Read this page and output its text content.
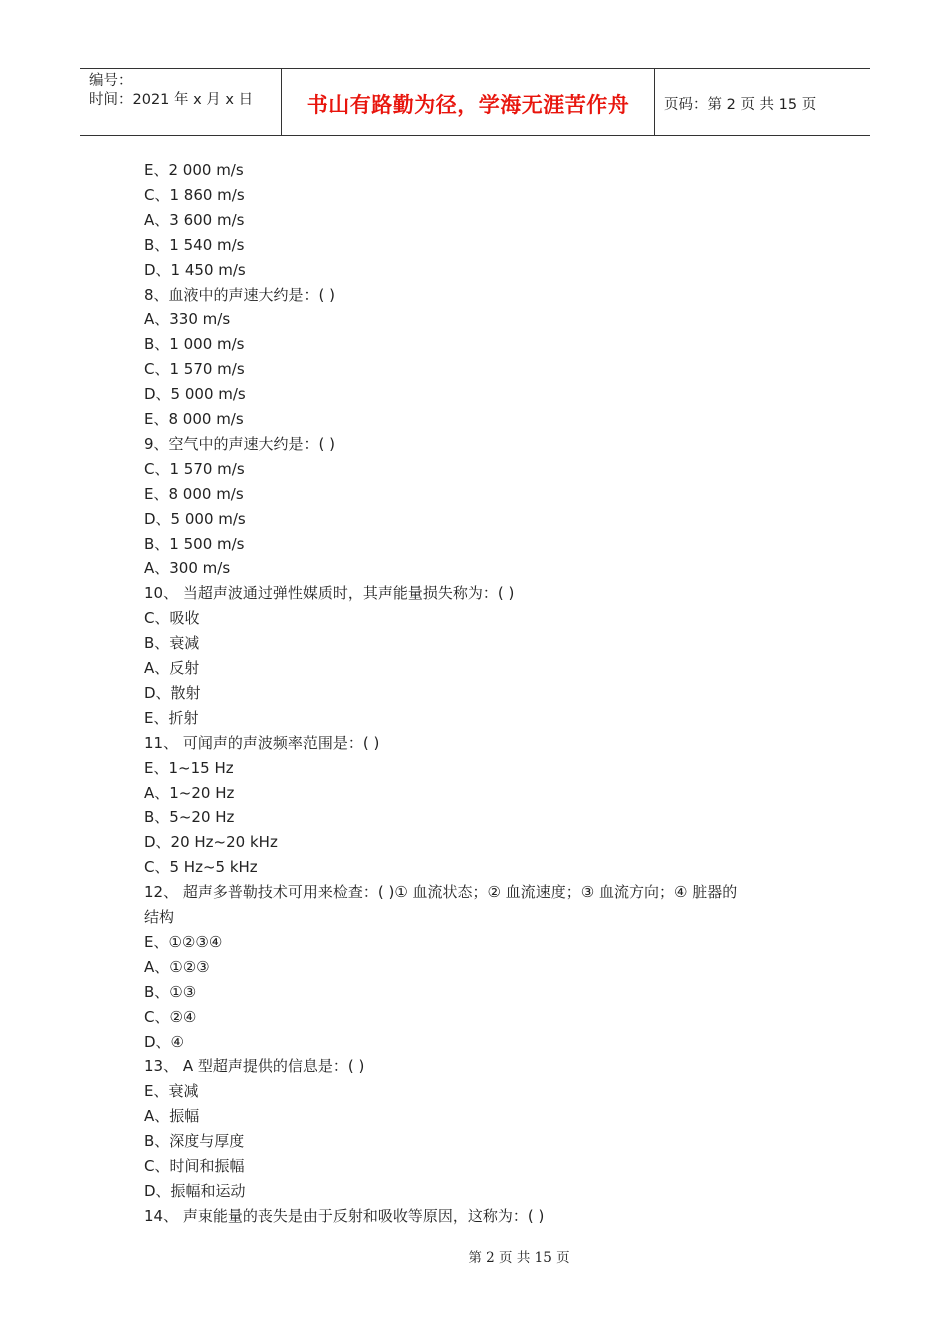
编号：
时间：2021 年 x 月 x 日	书山有路勤为径，学海无涯苦作舟	页码：第 2 页 共 15 页
E、2 000 m/s
C、1 860 m/s
A、3 600 m/s
B、1 540 m/s
D、1 450 m/s
8、血液中的声速大约是：( )
A、330 m/s
B、1 000 m/s
C、1 570 m/s
D、5 000 m/s
E、8 000 m/s
9、空气中的声速大约是：( )
C、1 570 m/s
E、8 000 m/s
D、5 000 m/s
B、1 500 m/s
A、300 m/s
10、 当超声波通过弹性媒质时，其声能量损失称为：( )
C、吸收
B、衰减
A、反射
D、散射
E、折射
11、 可闻声的声波频率范围是：( )
E、1~15 Hz
A、1~20 Hz
B、5~20 Hz
D、20 Hz~20 kHz
C、5 Hz~5 kHz
12、 超声多普勒技术可用来检查：( )① 血流状态；② 血流速度；③ 血流方向；④ 脏器的
结构
E、①②③④
A、①②③
B、①③
C、②④
D、④
13、 A 型超声提供的信息是：( )
E、衰减
A、振幅
B、深度与厚度
C、时间和振幅
D、振幅和运动
14、 声束能量的丧失是由于反射和吸收等原因，这称为：( )
第 2 页 共 15 页
